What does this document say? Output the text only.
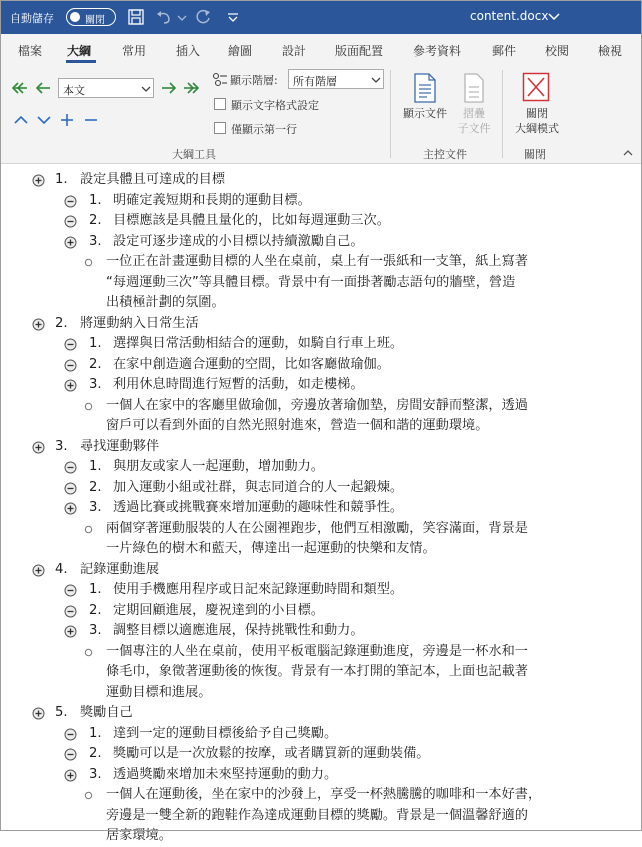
自動儲存	關閉	content.docx
檔案 大綱	常用 插入 繪圖 設計 版面配置 參考資料	郵件 校閱 檢視
本文
顯示階層: 所有階層
顯示文字格式設定
僅顯示第一行
大綱工具
顯示文件	摺疊
子文件
主控文件
關閉
大綱模式
關閉
1. 設定具體且可達成的目標
1. 明確定義短期和長期的運動目標。
2. 目標應該是具體且量化的，比如每週運動三次。
3. 設定可逐步達成的小目標以持續激勵自己。
一位正在計畫運動目標的人坐在桌前，桌上有一張紙和一支筆，紙上寫著
“每週運動三次”等具體目標。背景中有一面掛著勵志語句的牆壁，營造
出積極計劃的氛圍。
2. 將運動納入日常生活
1. 選擇與日常活動相結合的運動，如騎自行車上班。
2. 在家中創造適合運動的空間，比如客廳做瑜伽。
3. 利用休息時間進行短暫的活動，如走樓梯。
一個人在家中的客廳里做瑜伽，旁邊放著瑜伽墊，房間安靜而整潔，透過
窗戶可以看到外面的自然光照射進來，營造一個和諧的運動環境。
3. 尋找運動夥伴
1. 與朋友或家人一起運動，增加動力。
2. 加入運動小組或社群，與志同道合的人一起鍛煉。
3. 透過比賽或挑戰賽來增加運動的趣味性和競爭性。
兩個穿著運動服裝的人在公園裡跑步，他們互相激勵，笑容滿面，背景是
一片綠色的樹木和藍天，傳達出一起運動的快樂和友情。
4. 記錄運動進展
1. 使用手機應用程序或日記來記錄運動時間和類型。
2. 定期回顧進展，慶祝達到的小目標。
3. 調整目標以適應進展，保持挑戰性和動力。
一個專注的人坐在桌前，使用平板電腦記錄運動進度，旁邊是一杯水和一
條毛巾，象徵著運動後的恢復。背景有一本打開的筆記本，上面也記載著
運動目標和進展。
5. 獎勵自己
1. 達到一定的運動目標後給予自己獎勵。
2. 獎勵可以是一次放鬆的按摩，或者購買新的運動裝備。
3. 透過獎勵來增加未來堅持運動的動力。
一個人在運動後，坐在家中的沙發上，享受一杯熱騰騰的咖啡和一本好書，
旁邊是一雙全新的跑鞋作為達成運動目標的獎勵。背景是一個溫馨舒適的
居家環境。
